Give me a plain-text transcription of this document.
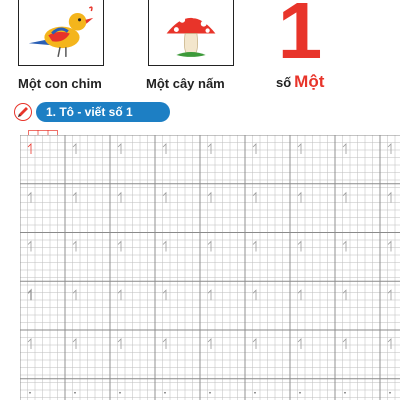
1
Một con chim	Một cây nấm	số Một
1. Tô - viết số 1
